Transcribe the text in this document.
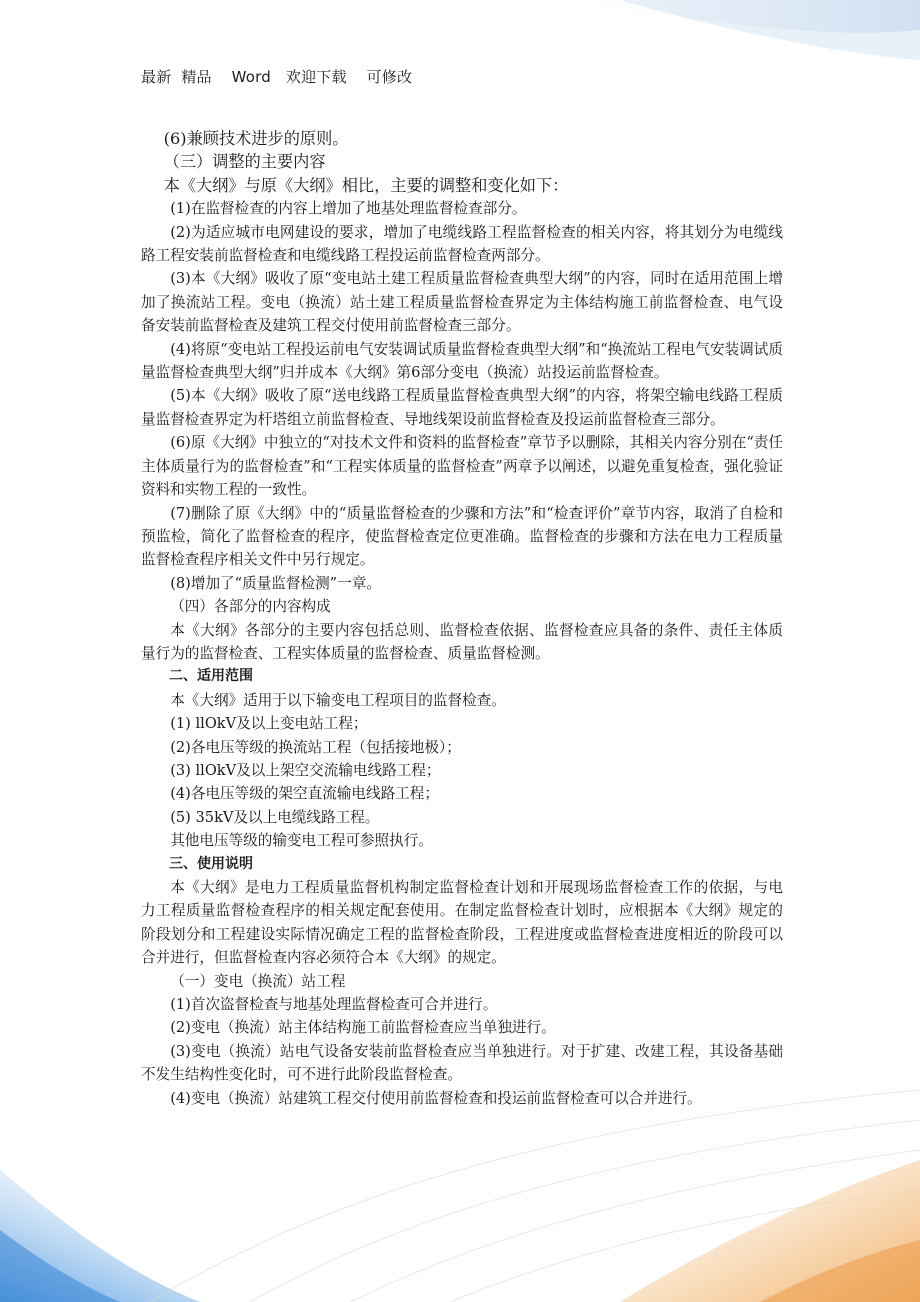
最新  精品    Word   欢迎下载    可修改

(6)兼顾技术进步的原则。

（三）调整的主要内容

本《大纲》与原《大纲》相比，主要的调整和变化如下：

(1)在监督检查的内容上增加了地基处理监督检查部分。

(2)为适应城市电网建设的要求，增加了电缆线路工程监督检查的相关内容，将其划分为电缆线路工程安装前监督检查和电缆线路工程投运前监督检查两部分。

(3)本《大纲》吸收了原“变电站土建工程质量监督检查典型大纲”的内容，同时在适用范围上增加了换流站工程。变电（换流）站土建工程质量监督检查界定为主体结构施工前监督检查、电气设备安装前监督检查及建筑工程交付使用前监督检查三部分。

(4)将原“变电站工程投运前电气安装调试质量监督检查典型大纲”和“换流站工程电气安装调试质量监督检查典型大纲”归并成本《大纲》第6部分变电（换流）站投运前监督检查。

(5)本《大纲》吸收了原“送电线路工程质量监督检查典型大纲”的内容，将架空输电线路工程质量监督检查界定为杆塔组立前监督检查、导地线架设前监督检查及投运前监督检查三部分。

(6)原《大纲》中独立的“对技术文件和资料的监督检查”章节予以删除，其相关内容分别在“责任主体质量行为的监督检查”和“工程实体质量的监督检查”两章予以阐述，以避免重复检查，强化验证资料和实物工程的一致性。

(7)删除了原《大纲》中的“质量监督检查的少骤和方法”和“检查评价”章节内容，取消了自检和预监检，简化了监督检查的程序，使监督检查定位更准确。监督检查的步骤和方法在电力工程质量监督检查程序相关文件中另行规定。

(8)增加了“质量监督检测”一章。

（四）各部分的内容构成

本《大纲》各部分的主要内容包括总则、监督检查依据、监督检查应具备的条件、责任主体质量行为的监督检查、工程实体质量的监督检查、质量监督检测。

二、适用范围

本《大纲》适用于以下输变电工程项目的监督检查。

(1) llOkV及以上变电站工程；

(2)各电压等级的换流站工程（包括接地极）；

(3) llOkV及以上架空交流输电线路工程；

(4)各电压等级的架空直流输电线路工程；

(5) 35kV及以上电缆线路工程。

其他电压等级的输变电工程可参照执行。

三、使用说明

本《大纲》是电力工程质量监督机构制定监督检查计划和开展现场监督检查工作的依据，与电力工程质量监督检查程序的相关规定配套使用。在制定监督检查计划时，应根据本《大纲》规定的阶段划分和工程建设实际情况确定工程的监督检查阶段，工程进度或监督检查进度相近的阶段可以合并进行，但监督检查内容必须符合本《大纲》的规定。

（一）变电（换流）站工程

(1)首次盗督检查与地基处理监督检查可合并进行。

(2)变电（换流）站主体结构施工前监督检查应当单独进行。

(3)变电（换流）站电气设备安装前监督检查应当单独进行。对于扩建、改建工程，其设备基础不发生结构性变化时，可不进行此阶段监督检查。

(4)变电（换流）站建筑工程交付使用前监督检查和投运前监督检查可以合并进行。
